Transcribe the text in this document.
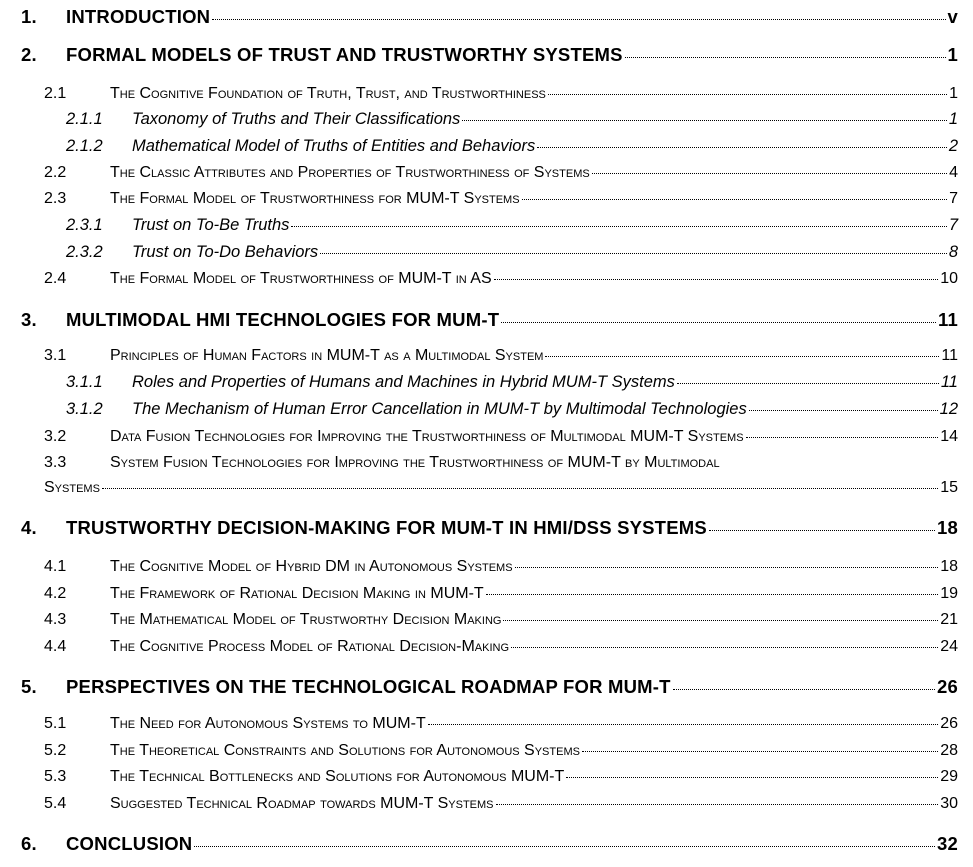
1.	INTRODUCTION	v
2.	FORMAL MODELS OF TRUST AND TRUSTWORTHY SYSTEMS	1
2.1	The Cognitive Foundation of Truth, Trust, and Trustworthiness	1
2.1.1	Taxonomy of Truths and Their Classifications	1
2.1.2	Mathematical Model of Truths of Entities and Behaviors	2
2.2	The Classic Attributes and Properties of Trustworthiness of Systems	4
2.3	The Formal Model of Trustworthiness for MUM-T Systems	7
2.3.1	Trust on To-Be Truths	7
2.3.2	Trust on To-Do Behaviors	8
2.4	The Formal Model of Trustworthiness of MUM-T in AS	10
3.	MULTIMODAL HMI TECHNOLOGIES FOR MUM-T	11
3.1	Principles of Human Factors in MUM-T as a Multimodal System	11
3.1.1	Roles and Properties of Humans and Machines in Hybrid MUM-T Systems	11
3.1.2	The Mechanism of Human Error Cancellation in MUM-T by Multimodal Technologies	12
3.2	Data Fusion Technologies for Improving the Trustworthiness of Multimodal MUM-T Systems	14
3.3	System Fusion Technologies for Improving the Trustworthiness of MUM-T by Multimodal
Systems	15
4.	TRUSTWORTHY DECISION-MAKING FOR MUM-T IN HMI/DSS SYSTEMS	18
4.1	The Cognitive Model of Hybrid DM in Autonomous Systems	18
4.2	The Framework of Rational Decision Making in MUM-T	19
4.3	The Mathematical Model of Trustworthy Decision Making	21
4.4	The Cognitive Process Model of Rational Decision-Making	24
5.	PERSPECTIVES ON THE TECHNOLOGICAL ROADMAP FOR MUM-T	26
5.1	The Need for Autonomous Systems to MUM-T	26
5.2	The Theoretical Constraints and Solutions for Autonomous Systems	28
5.3	The Technical Bottlenecks and Solutions for Autonomous MUM-T	29
5.4	Suggested Technical Roadmap towards MUM-T Systems	30
6.	CONCLUSION	32
